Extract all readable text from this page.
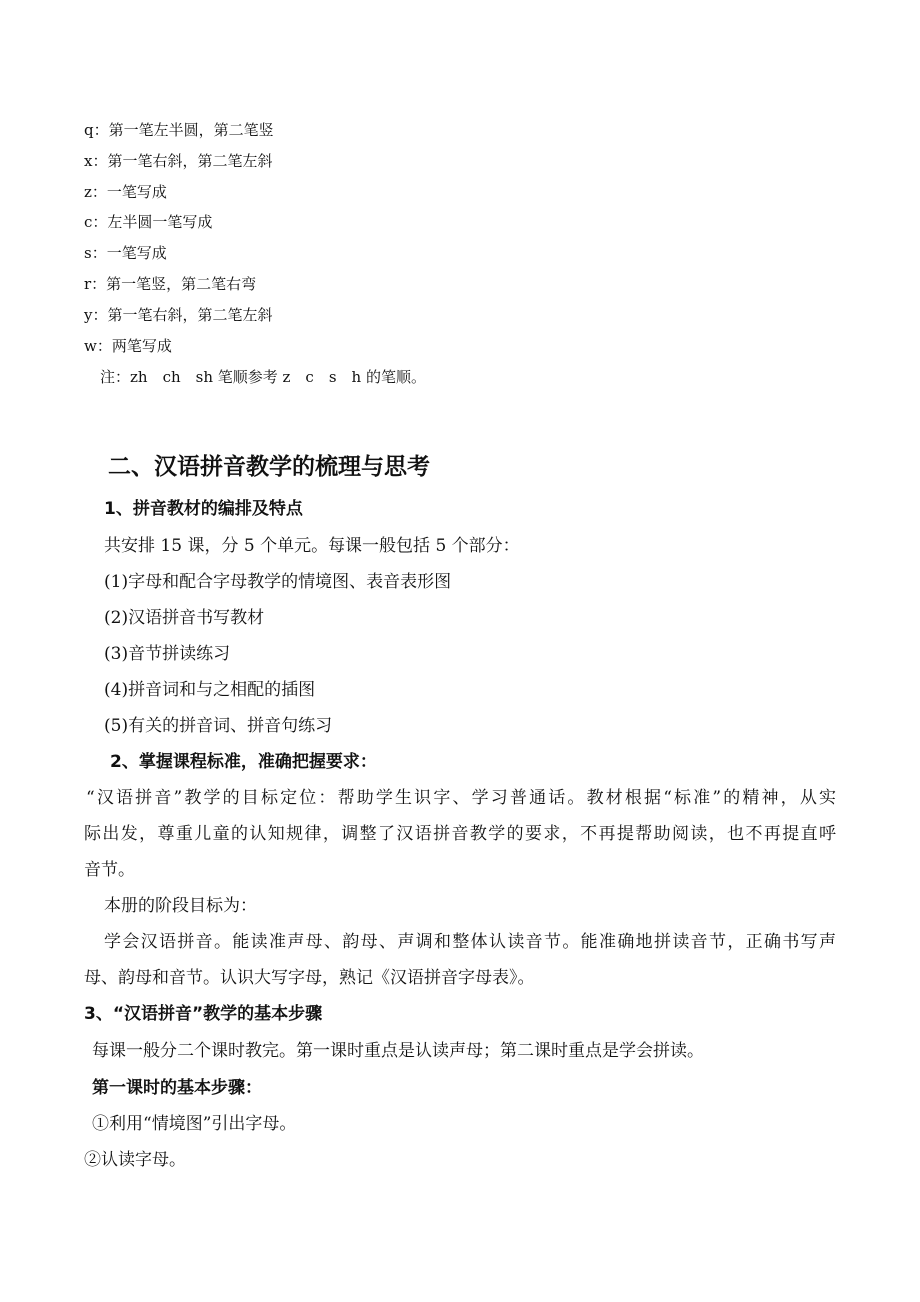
q：第一笔左半圆，第二笔竖
x：第一笔右斜，第二笔左斜
z：一笔写成
c：左半圆一笔写成
s：一笔写成
r：第一笔竖，第二笔右弯
y：第一笔右斜，第二笔左斜
w：两笔写成
注：zh　ch　sh 笔顺参考 z　c　s　h 的笔顺。
二、汉语拼音教学的梳理与思考
1、拼音教材的编排及特点
共安排 15 课，分 5 个单元。每课一般包括 5 个部分：
(1)字母和配合字母教学的情境图、表音表形图
(2)汉语拼音书写教材
(3)音节拼读练习
(4)拼音词和与之相配的插图
(5)有关的拼音词、拼音句练习
2、掌握课程标准，准确把握要求：
“汉语拼音”教学的目标定位：帮助学生识字、学习普通话。教材根据“标准”的精神，从实
际出发，尊重儿童的认知规律，调整了汉语拼音教学的要求，不再提帮助阅读，也不再提直呼
音节。
本册的阶段目标为：
学会汉语拼音。能读准声母、韵母、声调和整体认读音节。能准确地拼读音节，正确书写声
母、韵母和音节。认识大写字母，熟记《汉语拼音字母表》。
3、“汉语拼音”教学的基本步骤
每课一般分二个课时教完。第一课时重点是认读声母；第二课时重点是学会拼读。
第一课时的基本步骤：
①利用“情境图”引出字母。
②认读字母。
